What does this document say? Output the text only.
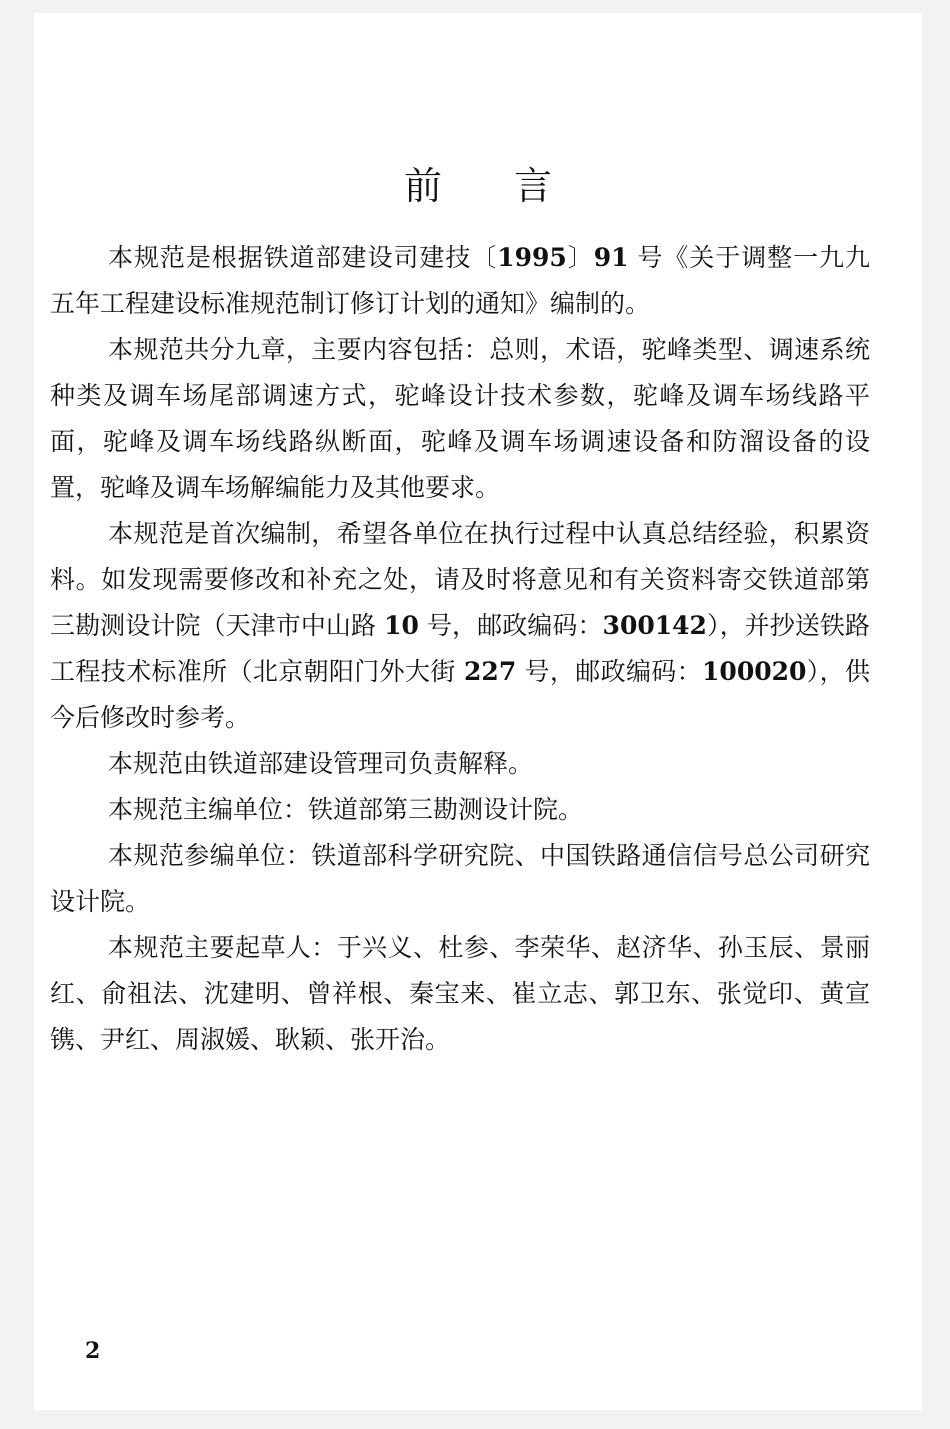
前言

本规范是根据铁道部建设司建技〔1995〕91 号《关于调整一九九五年工程建设标准规范制订修订计划的通知》编制的。

本规范共分九章，主要内容包括：总则，术语，驼峰类型、调速系统种类及调车场尾部调速方式，驼峰设计技术参数，驼峰及调车场线路平面，驼峰及调车场线路纵断面，驼峰及调车场调速设备和防溜设备的设置，驼峰及调车场解编能力及其他要求。

本规范是首次编制，希望各单位在执行过程中认真总结经验，积累资料。如发现需要修改和补充之处，请及时将意见和有关资料寄交铁道部第三勘测设计院（天津市中山路 10 号，邮政编码：300142），并抄送铁路工程技术标准所（北京朝阳门外大街 227 号，邮政编码：100020），供今后修改时参考。

本规范由铁道部建设管理司负责解释。

本规范主编单位：铁道部第三勘测设计院。

本规范参编单位：铁道部科学研究院、中国铁路通信信号总公司研究设计院。

本规范主要起草人：于兴义、杜参、李荣华、赵济华、孙玉辰、景丽红、俞祖法、沈建明、曾祥根、秦宝来、崔立志、郭卫东、张觉印、黄宣镌、尹红、周淑媛、耿颖、张开治。

2
